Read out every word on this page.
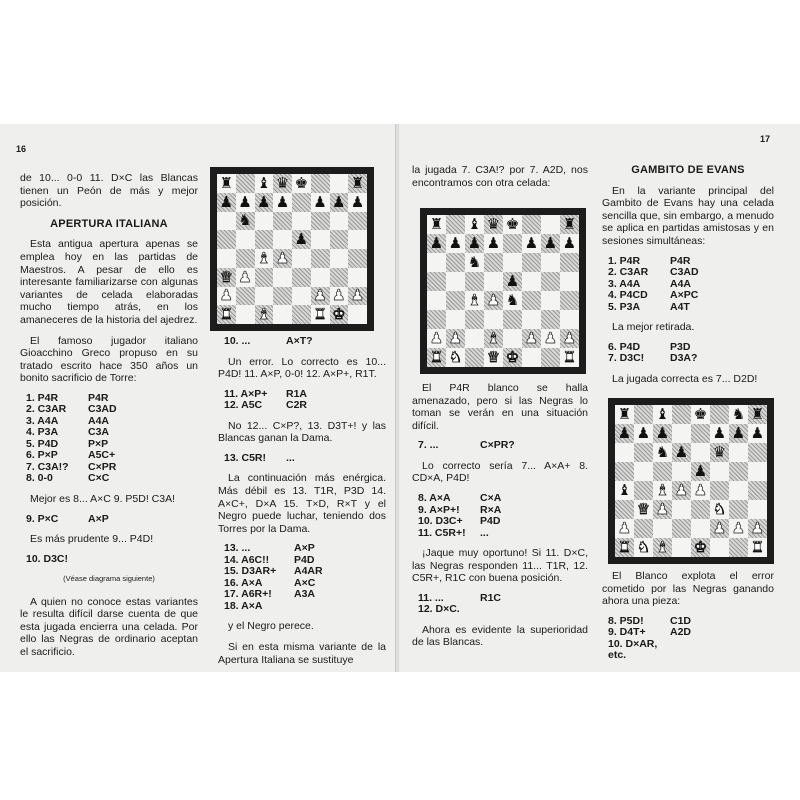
16

de 10... 0-0 11. D×C las Blancas tienen un Peón de más y mejor posición.

APERTURA ITALIANA

Esta antigua apertura apenas se emplea hoy en las partidas de Maestros. A pesar de ello es interesante familiarizarse con algunas variantes de celada elaboradas mucho tiempo atrás, en los amaneceres de la historia del ajedrez.

El famoso jugador italiano Gioacchino Greco propuso en su tratado escrito hace 350 años un bonito sacrificio de Torre:

1. P4R	P4R
2. C3AR	C3AD
3. A4A	A4A
4. P3A	C3A
5. P4D	P×P
6. P×P	A5C+
7. C3A!?	C×PR
8. 0-0	C×C

Mejor es 8... A×C 9. P5D! C3A!

9. P×C	A×P

Es más prudente 9... P4D!

10. D3C!
(Véase diagrama siguiente)

A quien no conoce estas variantes le resulta difícil darse cuenta de que esta jugada encierra una celada. Por ello las Negras de ordinario aceptan el sacrificio.

♜ ♝ ♛ ♚	♜
♟ ♟ ♟ ♟ ♟ ♟ ♟
♞
♟
♝ ♟
♛ ♟
♟	♟ ♟ ♟
♜ ♝	♜ ♚
10. ...	A×T?

Un error. Lo correcto es 10... P4D! 11. A×P, 0-0! 12. A×P+, R1T.

11. A×P+	R1A
12. A5C	C2R

No 12... C×P?, 13. D3T+! y las Blancas ganan la Dama.

13. C5R!	...

La continuación más enérgica. Más débil es 13. T1R, P3D 14. A×C+, D×A 15. T×D, R×T y el Negro puede luchar, teniendo dos Torres por la Dama.

13. ...	A×P
14. A6C!!	P4D
15. D3AR+	A4AR
16. A×A	A×C
17. A6R+!	A3A
18. A×A

y el Negro perece.

Si en esta misma variante de la Apertura Italiana se sustituye

17

la jugada 7. C3A!? por 7. A2D, nos encontramos con otra celada:

♜ ♝ ♛ ♚	♜
♟ ♟ ♟ ♟ ♟ ♟ ♟
♞
♟
♝ ♟ ♞
♟ ♟ ♝ ♟ ♟ ♟
♜ ♞ ♛ ♚	♜

El P4R blanco se halla amenazado, pero si las Negras lo toman se verán en una situación difícil.

7. ...	C×PR?

Lo correcto sería 7... A×A+ 8. CD×A, P4D!

8. A×A	C×A
9. A×P+!	R×A
10. D3C+	P4D
11. C5R+!	...

¡Jaque muy oportuno! Si 11. D×C, las Negras responden 11... T1R, 12. C5R+, R1C con buena posición.

11. ...	R1C
12. D×C.

Ahora es evidente la superioridad de las Blancas.

GAMBITO DE EVANS

En la variante principal del Gambito de Evans hay una celada sencilla que, sin embargo, a menudo se aplica en partidas amistosas y en sesiones simultáneas:

1. P4R	P4R
2. C3AR	C3AD
3. A4A	A4A
4. P4CD	A×PC
5. P3A	A4T

La mejor retirada.

6. P4D	P3D
7. D3C!	D3A?

La jugada correcta es 7... D2D!

♜ ♝ ♚ ♞ ♜
♟ ♟ ♟	♟ ♟ ♟
♞ ♟ ♛
♟
♝ ♝ ♟ ♟
♛ ♟	♞
♟	♟ ♟ ♟
♜ ♞ ♝ ♚	♜

El Blanco explota el error cometido por las Negras ganando ahora una pieza:

8. P5D!	C1D
9. D4T+	A2D
10. D×AR, etc.
